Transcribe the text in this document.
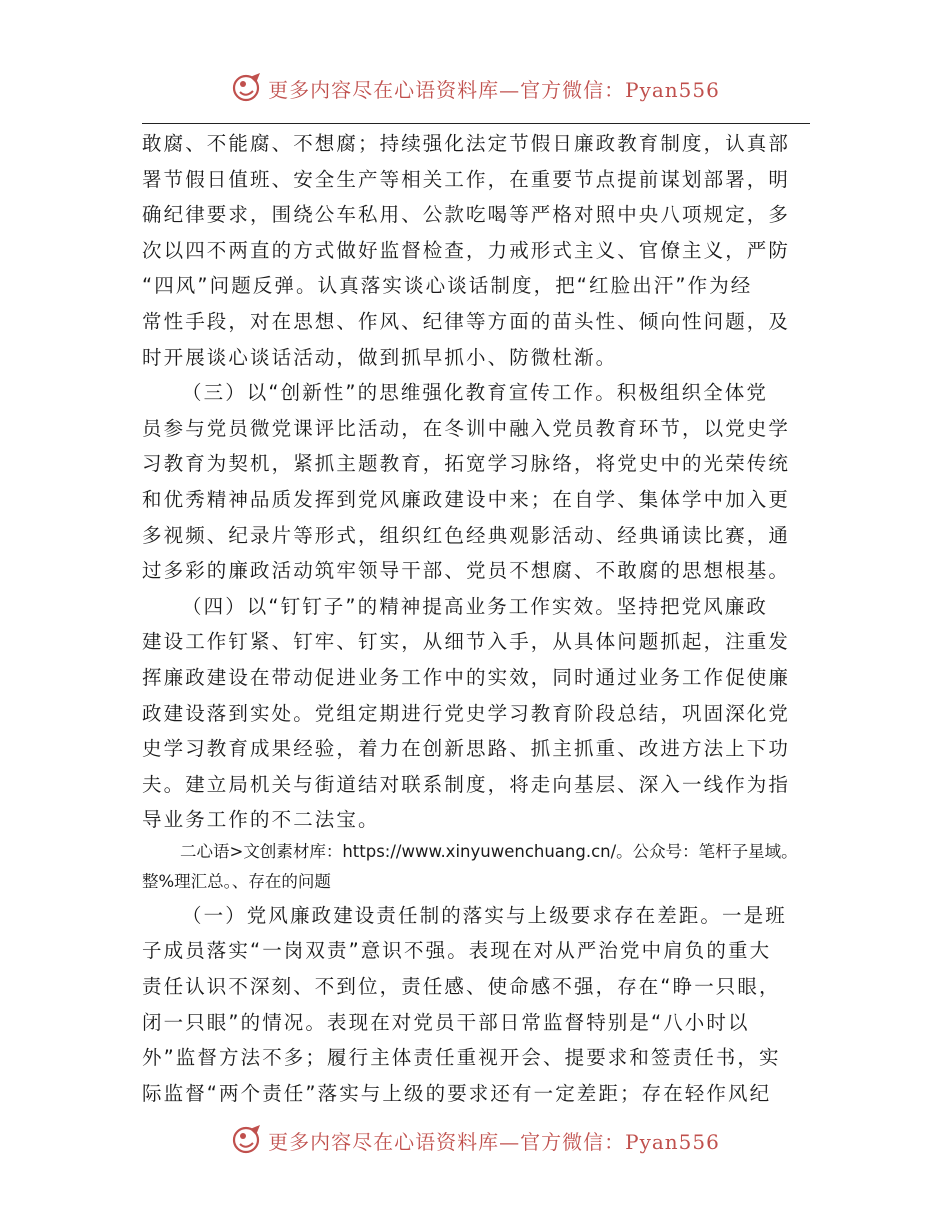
更多内容尽在心语资料库—官方微信：Pyan556
敢腐、不能腐、不想腐；持续强化法定节假日廉政教育制度，认真部
署节假日值班、安全生产等相关工作，在重要节点提前谋划部署，明
确纪律要求，围绕公车私用、公款吃喝等严格对照中央八项规定，多
次以四不两直的方式做好监督检查，力戒形式主义、官僚主义，严防
“四风”问题反弹。认真落实谈心谈话制度，把“红脸出汗”作为经
常性手段，对在思想、作风、纪律等方面的苗头性、倾向性问题，及
时开展谈心谈话活动，做到抓早抓小、防微杜渐。
（三）以“创新性”的思维强化教育宣传工作。积极组织全体党
员参与党员微党课评比活动，在冬训中融入党员教育环节，以党史学
习教育为契机，紧抓主题教育，拓宽学习脉络，将党史中的光荣传统
和优秀精神品质发挥到党风廉政建设中来；在自学、集体学中加入更
多视频、纪录片等形式，组织红色经典观影活动、经典诵读比赛，通
过多彩的廉政活动筑牢领导干部、党员不想腐、不敢腐的思想根基。
（四）以“钉钉子”的精神提高业务工作实效。坚持把党风廉政
建设工作钉紧、钉牢、钉实，从细节入手，从具体问题抓起，注重发
挥廉政建设在带动促进业务工作中的实效，同时通过业务工作促使廉
政建设落到实处。党组定期进行党史学习教育阶段总结，巩固深化党
史学习教育成果经验，着力在创新思路、抓主抓重、改进方法上下功
夫。建立局机关与街道结对联系制度，将走向基层、深入一线作为指
导业务工作的不二法宝。
二心语>文创素材库：https://www.xinyuwenchuang.cn/。公众号：笔杆子星域。
整%理汇总。、存在的问题
（一）党风廉政建设责任制的落实与上级要求存在差距。一是班
子成员落实“一岗双责”意识不强。表现在对从严治党中肩负的重大
责任认识不深刻、不到位，责任感、使命感不强，存在“睁一只眼，
闭一只眼”的情况。表现在对党员干部日常监督特别是“八小时以
外”监督方法不多；履行主体责任重视开会、提要求和签责任书，实
际监督“两个责任”落实与上级的要求还有一定差距；存在轻作风纪
更多内容尽在心语资料库—官方微信：Pyan556
